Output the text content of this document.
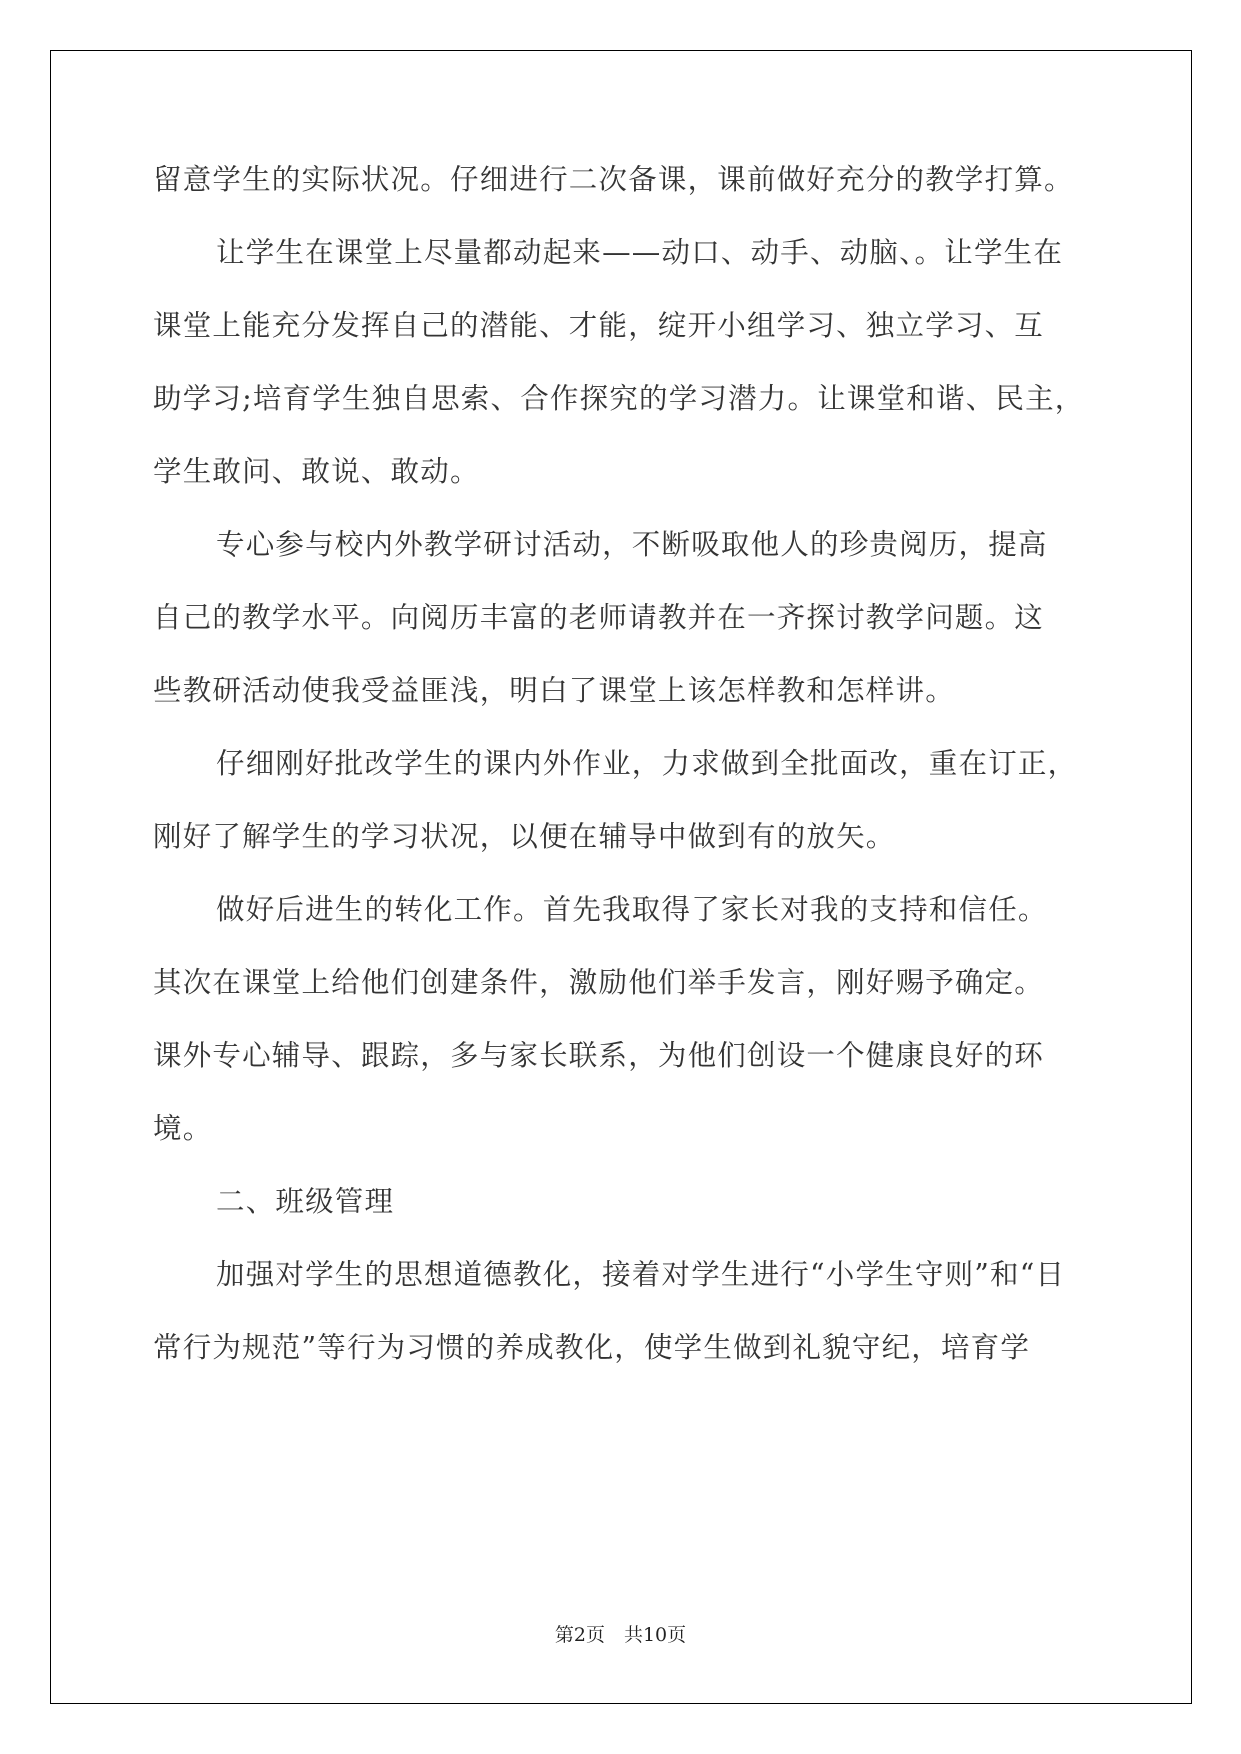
留意学生的实际状况。仔细进行二次备课，课前做好充分的教学打算。
让学生在课堂上尽量都动起来——动口、动手、动脑、。让学生在
课堂上能充分发挥自己的潜能、才能，绽开小组学习、独立学习、互
助学习;培育学生独自思索、合作探究的学习潜力。让课堂和谐、民主，
学生敢问、敢说、敢动。
专心参与校内外教学研讨活动，不断吸取他人的珍贵阅历，提高
自己的教学水平。向阅历丰富的老师请教并在一齐探讨教学问题。这
些教研活动使我受益匪浅，明白了课堂上该怎样教和怎样讲。
仔细刚好批改学生的课内外作业，力求做到全批面改，重在订正，
刚好了解学生的学习状况，以便在辅导中做到有的放矢。
做好后进生的转化工作。首先我取得了家长对我的支持和信任。
其次在课堂上给他们创建条件，激励他们举手发言，刚好赐予确定。
课外专心辅导、跟踪，多与家长联系，为他们创设一个健康良好的环
境。
二、班级管理
加强对学生的思想道德教化，接着对学生进行“小学生守则”和“日
常行为规范”等行为习惯的养成教化，使学生做到礼貌守纪，培育学
第2页　共10页
